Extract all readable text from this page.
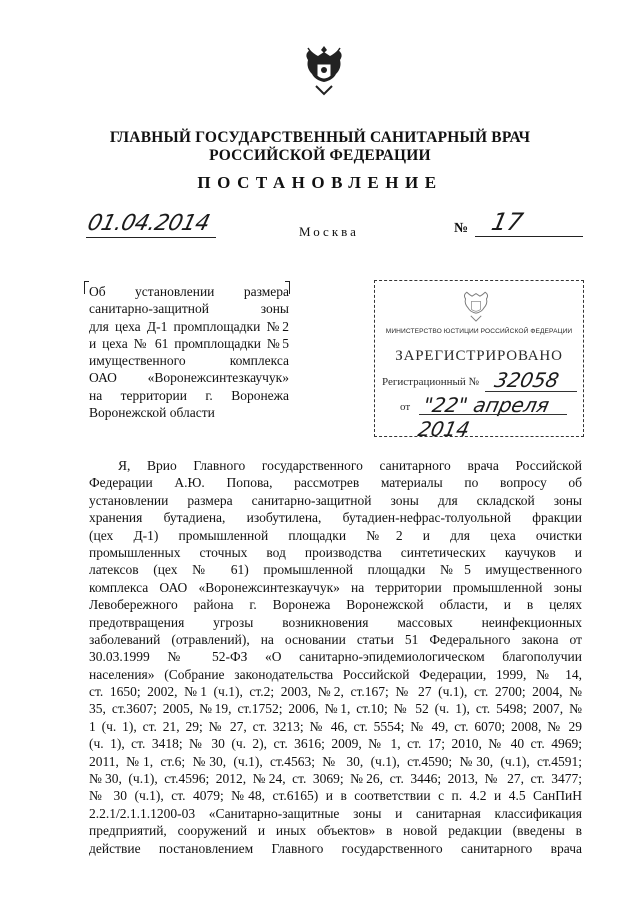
ГЛАВНЫЙ ГОСУДАРСТВЕННЫЙ САНИТАРНЫЙ ВРАЧ
РОССИЙСКОЙ ФЕДЕРАЦИИ
ПОСТАНОВЛЕНИЕ
01.04.2014	Москва	№ 17
Об установлении размера
санитарно-защитной зоны
для цеха Д-1 промплощадки №2
и цеха № 61 промплощадки №5
имущественного комплекса
ОАО «Воронежсинтезкаучук»
на территории г. Воронежа
Воронежской области
МИНИСТЕРСТВО ЮСТИЦИИ РОССИЙСКОЙ ФЕДЕРАЦИИ
ЗАРЕГИСТРИРОВАНО
Регистрационный № 32058
от "22" апреля 2014
Я, Врио Главного государственного санитарного врача Российской
Федерации А.Ю. Попова, рассмотрев материалы по вопросу об
установлении размера санитарно-защитной зоны для складской зоны
хранения бутадиена, изобутилена, бутадиен-нефрас-толуольной фракции
(цех Д-1) промышленной площадки №2 и для цеха очистки
промышленных сточных вод производства синтетических каучуков и
латексов (цех № 61) промышленной площадки №5 имущественного
комплекса ОАО «Воронежсинтезкаучук» на территории промышленной зоны
Левобережного района г. Воронежа Воронежской области, и в целях
предотвращения угрозы возникновения массовых неинфекционных
заболеваний (отравлений), на основании статьи 51 Федерального закона от
30.03.1999 № 52-ФЗ «О санитарно-эпидемиологическом благополучии
населения» (Собрание законодательства Российской Федерации, 1999, № 14,
ст. 1650; 2002, №1 (ч.1), ст.2; 2003, №2, ст.167; № 27 (ч.1), ст. 2700; 2004, №
35, ст.3607; 2005, №19, ст.1752; 2006, №1, ст.10; № 52 (ч. 1), ст. 5498; 2007, №
1 (ч. 1), ст. 21, 29; № 27, ст. 3213; № 46, ст. 5554; № 49, ст. 6070; 2008, № 29
(ч. 1), ст. 3418; № 30 (ч. 2), ст. 3616; 2009, № 1, ст. 17; 2010, № 40 ст. 4969;
2011, №1, ст.6; №30, (ч.1), ст.4563; № 30, (ч.1), ст.4590; №30, (ч.1), ст.4591;
№30, (ч.1), ст.4596; 2012, №24, ст. 3069; №26, ст. 3446; 2013, № 27, ст. 3477;
№ 30 (ч.1), ст. 4079; №48, ст.6165) и в соответствии с п. 4.2 и 4.5 СанПиН
2.2.1/2.1.1.1200-03 «Санитарно-защитные зоны и санитарная классификация
предприятий, сооружений и иных объектов» в новой редакции (введены в
действие постановлением Главного государственного санитарного врача
